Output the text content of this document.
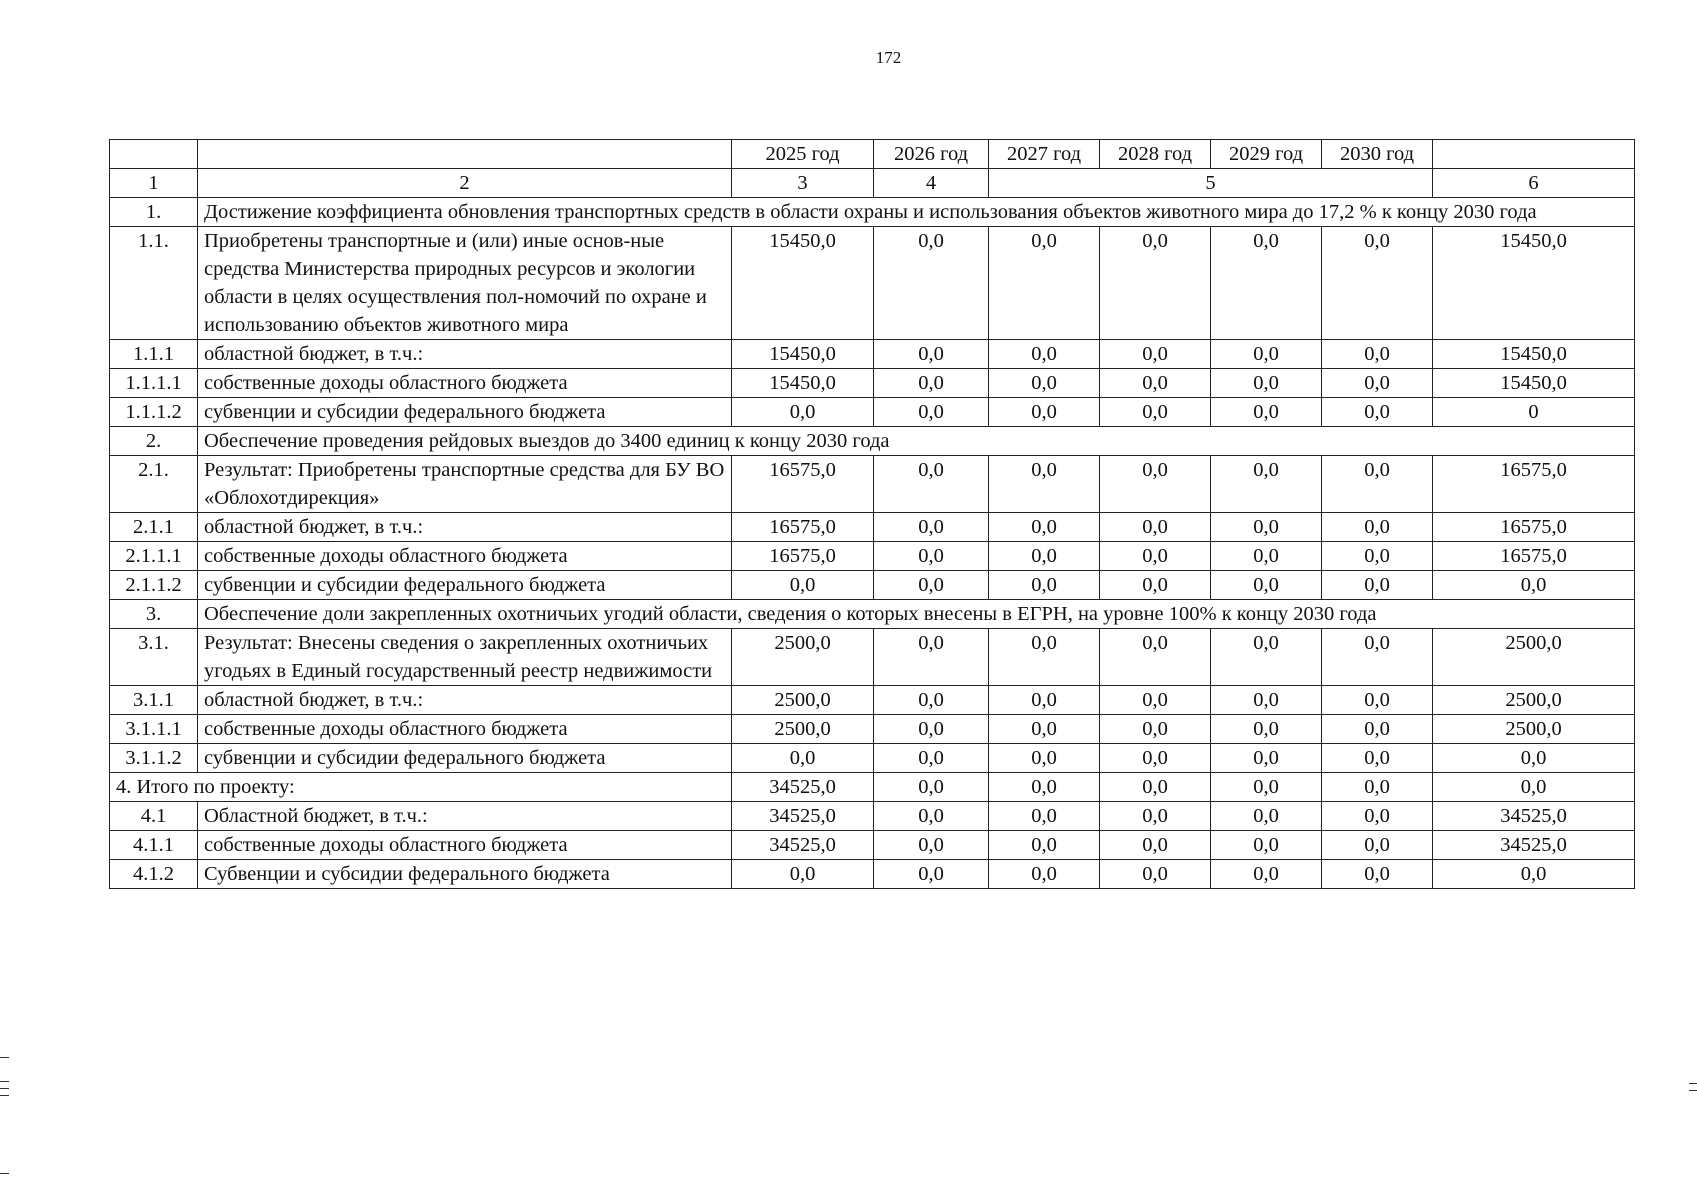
172
		2025 год	2026 год	2027 год	2028 год	2029 год	2030 год	
1	2	3	4	5				6
1.	Достижение коэффициента обновления транспортных средств в области охраны и использования объектов животного мира до 17,2 % к концу 2030 года							
1.1.	Приобретены транспортные и (или) иные основ-ные средства Министерства природных ресурсов и экологии области в целях осуществления пол-номочий по охране и использованию объектов животного мира	15450,0	0,0	0,0	0,0	0,0	0,0	15450,0
1.1.1	областной бюджет, в т.ч.:	15450,0	0,0	0,0	0,0	0,0	0,0	15450,0
1.1.1.1	собственные доходы областного бюджета	15450,0	0,0	0,0	0,0	0,0	0,0	15450,0
1.1.1.2	субвенции и субсидии федерального бюджета	0,0	0,0	0,0	0,0	0,0	0,0	0
2.	Обеспечение проведения рейдовых выездов до 3400 единиц к концу 2030 года							
2.1.	Результат: Приобретены транспортные средства для БУ ВО «Облохотдирекция»	16575,0	0,0	0,0	0,0	0,0	0,0	16575,0
2.1.1	областной бюджет, в т.ч.:	16575,0	0,0	0,0	0,0	0,0	0,0	16575,0
2.1.1.1	собственные доходы областного бюджета	16575,0	0,0	0,0	0,0	0,0	0,0	16575,0
2.1.1.2	субвенции и субсидии федерального бюджета	0,0	0,0	0,0	0,0	0,0	0,0	0,0
3.	Обеспечение доли закрепленных охотничьих угодий области, сведения о которых внесены в ЕГРН, на уровне 100% к концу 2030 года							
3.1.	Результат: Внесены сведения о закрепленных охотничьих угодьях в Единый государственный реестр недвижимости	2500,0	0,0	0,0	0,0	0,0	0,0	2500,0
3.1.1	областной бюджет, в т.ч.:	2500,0	0,0	0,0	0,0	0,0	0,0	2500,0
3.1.1.1	собственные доходы областного бюджета	2500,0	0,0	0,0	0,0	0,0	0,0	2500,0
3.1.1.2	субвенции и субсидии федерального бюджета	0,0	0,0	0,0	0,0	0,0	0,0	0,0
4. Итого по проекту:		34525,0	0,0	0,0	0,0	0,0	0,0	0,0
4.1	Областной бюджет, в т.ч.:	34525,0	0,0	0,0	0,0	0,0	0,0	34525,0
4.1.1	собственные доходы областного бюджета	34525,0	0,0	0,0	0,0	0,0	0,0	34525,0
4.1.2	Субвенции и субсидии федерального бюджета	0,0	0,0	0,0	0,0	0,0	0,0	0,0
